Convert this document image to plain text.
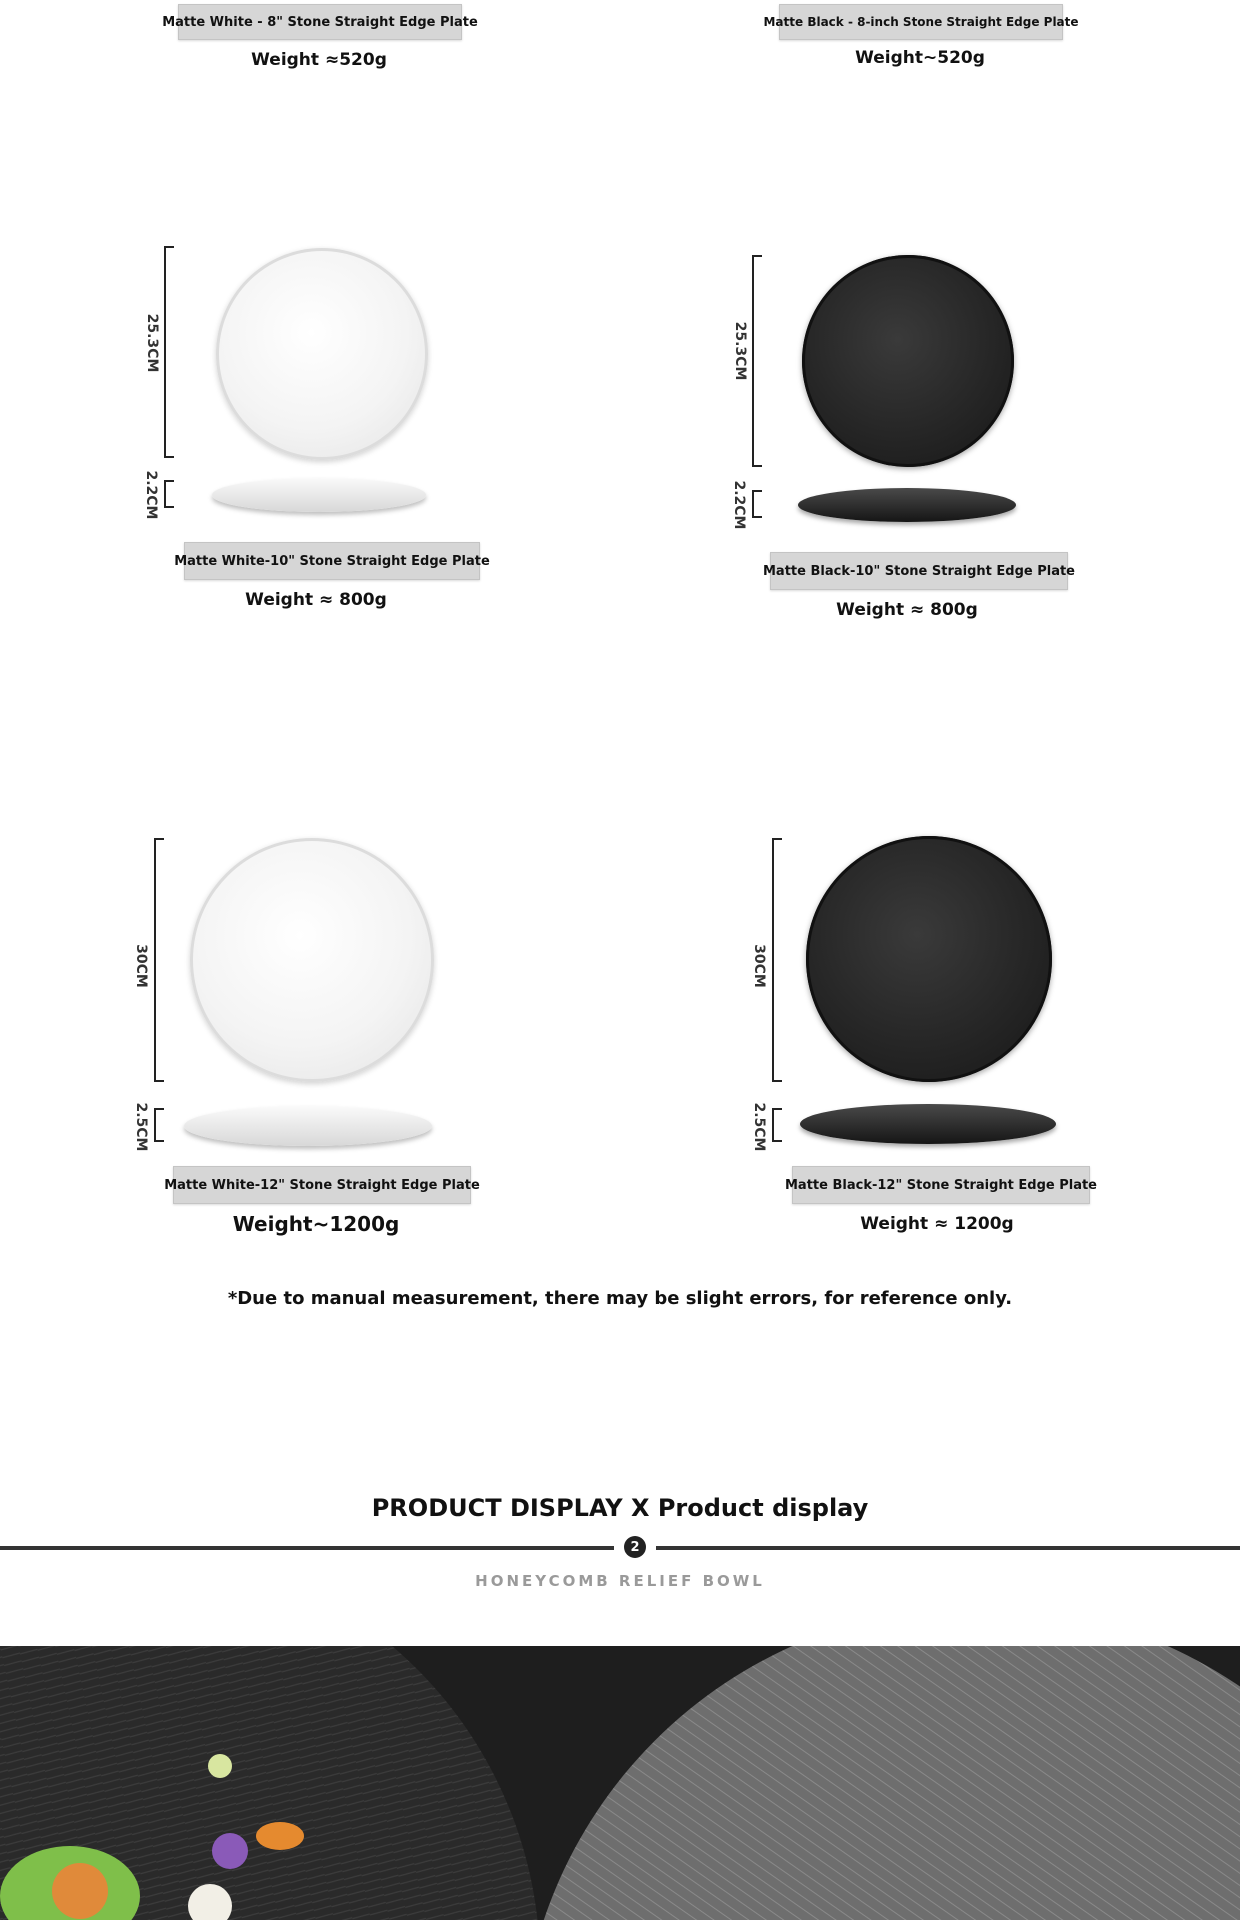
Matte White - 8" Stone Straight Edge Plate
Weight ≈520g
Matte Black - 8-inch Stone Straight Edge Plate
Weight~520g
25.3CM
2.2CM
Matte White-10" Stone Straight Edge Plate
Weight ≈ 800g
25.3CM
2.2CM
Matte Black-10" Stone Straight Edge Plate
Weight ≈ 800g
30CM
2.5CM
Matte White-12" Stone Straight Edge Plate
Weight~1200g
30CM
2.5CM
Matte Black-12" Stone Straight Edge Plate
Weight ≈ 1200g
*Due to manual measurement, there may be slight errors, for reference only.
PRODUCT DISPLAY X Product display
2
HONEYCOMB RELIEF BOWL
